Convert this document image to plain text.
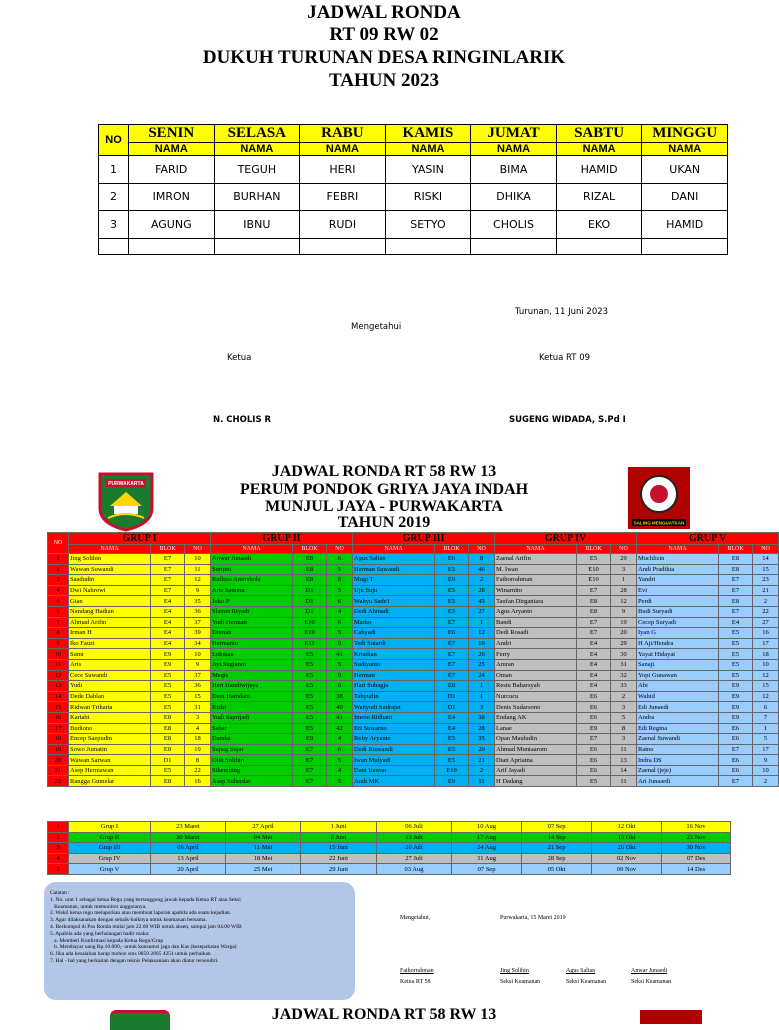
JADWAL RONDA
RT 09 RW 02
DUKUH TURUNAN DESA RINGINLARIK
TAHUN 2023
NO	SENIN	SELASA	RABU	KAMIS	JUMAT	SABTU	MINGGU
	NAMA	NAMA	NAMA	NAMA	NAMA	NAMA	NAMA
1	FARID	TEGUH	HERI	YASIN	BIMA	HAMID	UKAN
2	IMRON	BURHAN	FEBRI	RISKI	DHIKA	RIZAL	DANI
3	AGUNG	IBNU	RUDI	SETYO	CHOLIS	EKO	HAMID

Turunan, 11 Juni 2023
Mengetahui
Ketua	Ketua RT 09
N. CHOLIS R	SUGENG WIDADA, S.Pd I
PURWAKARTA
SALING MENGUATKAN
JADWAL RONDA RT 58 RW 13
PERUM PONDOK GRIYA JAYA INDAH
MUNJUL JAYA - PURWAKARTA
TAHUN 2019
NO	GRUP I			GRUP II			GRUP III			GRUP IV			GRUP V		
	NAMA	BLOK	NO	NAMA	BLOK	NO	NAMA	BLOK	NO	NAMA	BLOK	NO	NAMA	BLOK	NO
1	Jing Solihin	E7	10	Anwar Junaedi	E8	6	Agus Saltan	E6	8	Zaenal Arifin	E5	29	Muchlisin	E8	14
2	Wawan Suwandi	E7	11	Suripto	E8	5	Herman Suwandi	E5	46	M. Iwan	E10	3	Andi Pradikta	E8	15
3	Saadudin	E7	12	Rafleza Amirshola	E8	8	Mugi T	E9	2	Fathorrahman	E10	1	Yandri	E7	23
4	Dwi Nahrowi	E7	9	Aris Saminu	D1	5	Uju Suju	E5	28	Winarnito	E7	28	Evi	E7	21
5	Gian	E4	35	Joko P	D1	6	Wahyu Sade'i	E5	45	Taufan Dirgantara	E8	12	Perdi	E8	2
6	Nandang Hadian	E4	36	Slamet Riyadi	D1	4	Dedi Ahmadi	E5	27	Agus Aryanto	E8	9	Budi Suryadi	E7	22
7	Ahmad Arifin	E4	37	Yudi Herman	E10	6	Marko	E7	1	Bandi	E7	19	Cecep Suryadi	E4	27
8	Irman H	E4	39	Ditman	E10	5	Cahyadi	E6	12	Dedi Rosadi	E7	20	Iyan G	E5	16
9	Iko Fauzi	E4	34	Hermanto	E11	9	Tedi Sutardi	E7	10	Andri	E4	29	H Aji/Hendra	E5	17
10	Sumi	E9	10	Lukman	E5	41	Kriadian	E7	26	Ferry	E4	30	Yayat Hidayat	E5	18
11	Aris	E9	9	Ayi Sugianto	E5	5	Sudiyanto	E7	25	Amran	E4	31	Sanaji	E5	10
12	Cece Suwandi	E5	37	Megis	E5	9	Herman	E7	24	Oman	E4	32	Yopi Gunawan	E5	12
13	Yudi	E5	36	Heri Handiwijaya	E5	8	Hari Subagja	E8	1	Restu Baharsyah	E4	33	Abi	E9	15
14	Dede Dahlan	E5	15	Deni Hamdani	E5	38	Tahyudin	D1	1	Nurcucu	E6	2	Wahid	E9	12
15	Ridwan Triharta	E5	31	Rizki	E5	40	Wahyudi Sudrajat	D1	3	Denis Sudarsono	E6	3	Edi Junaedi	E9	6
16	Kartabi	E8	3	Yudi Saprijadi	E5	41	Imron Ridhani	E4	38	Endang AK	E6	5	Andra	E9	7
17	Budiono	E8	4	Sabar	E5	42	Eri Suwarno	E4	28	Lanae	E9	8	Edi Regina	E6	1
18	Encep Saepudin	E8	18	Dandat	E9	4	Roby Aryanto	E5	35	Opan Mauludin	E7	3	Zaenal Suwandi	E6	5
19	Sowo Jumatin	E8	19	Supeg Sujai	E7	6	Dedi Riswandi	E5	20	Ahmad Muntaarom	E6	11	Ratno	E7	17
20	Wawan Sarwan	D1	8	Olih Solihin	E7	5	Iwan Mulyadi	E5	21	Dian Apriatna	E6	13	Indra DS	E6	9
21	Asep Hermawan	E5	22	Sikembing	E7	4	Dani Irawan	E10	2	Arif Jayadi	E6	14	Zaenal (jeje)	E6	10
22	Rangga Gumelar	E8	16	Asep Suherdar	E7	5	Andi MK	E9	11	H Dadang	E5	11	Ari Junaardi	E7	2
1	Grup I	23 Maret	27 April	1 Juni	06 Juli	10 Aug	07 Sep	12 Okt	16 Nov	
2	Grup II	30 Maret	04 Mei	8 Juni	13 Juli	17 Aug	14 Sep	19 Okt	23 Nov	
3	Grup III	06 April	11 Mei	15 Juni	20 Juli	24 Aug	21 Sep	26 Okt	30 Nov	
4	Grup IV	13 April	18 Mei	22 Juni	27 Juli	31 Aug	28 Sep	02 Nov	07 Des	
5	Grup V	20 April	25 Mei	29 Juni	03 Aug	07 Sep	05 Okt	09 Nov	14 Des	
Catatan :
1. No. urut 1 sebagai ketua Regu yang bertanggung jawab kepada Ketua RT atau Seksi
Keamanan, untuk memonitor anggotanya.
2. Wakil ketua regu melaporkan atau membuat laporan apabila ada suatu kejadian.
3. Agar dilaksanakan dengan sebaik-baiknya untuk keamanan bersama.
4. Berkumpul di Pos Ronda mulai jam 22.00 WIB untuk absen, sampai jam 04.00 WIB
5. Apabila ada yang berhalangan hadir maka:
a. Memberi Konfirmasi kepada Ketua Regu/Grup
b. Membayar uang Rp.10.000,- untuk konsumsi jaga dan Kas (kesepakatan Warga)
6. Jika ada kesalahan harap mohon sms 0859 2805 4251 untuk perbaikan
7. Hal - hal yang berkaitan dengan teknis Pelaksanaan akan diatur tersendiri.
Mengetahui,	Purwakarta, 15 Maret 2019
Fathorrahman
Ketua RT 58
Jing Solihin
Seksi Keamanan
Agus Saltan
Seksi Keamanan
Anwar Junaedi
Seksi Keamanan
JADWAL RONDA RT 58 RW 13
